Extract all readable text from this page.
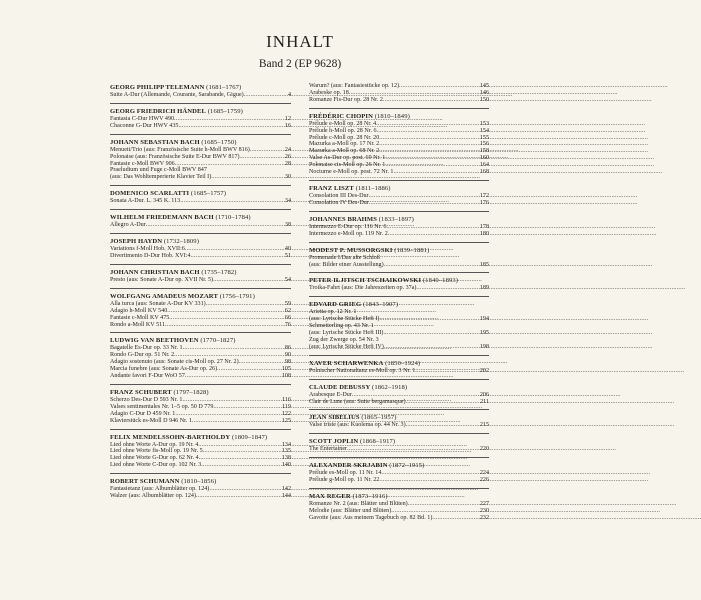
INHALT
Band 2 (EP 9628)
GEORG PHILIPP TELEMANN (1681–1767)
Suite A-Dur (Allemande, Courante, Sarabande, Gigue) .....	4
GEORG FRIEDRICH HÄNDEL (1685–1759)
Fantasia C-Dur HWV 490 .....	12
Chaconne G-Dur HWV 435 .....	16
JOHANN SEBASTIAN BACH (1685–1750)
Menuett/Trio (aus: Französische Suite h-Moll BWV 816) .....	24
Polonaise (aus: Französische Suite E-Dur BWV 817) .....	26
Fantasie c-Moll BWV 906 .....	28
Praeludium und Fuge c-Moll BWV 847
(aus: Das Wohltemperierte Klavier Teil I) .....	30
DOMENICO SCARLATTI (1685–1757)
Sonata A-Dur. L. 345 K. 113 .....	34
WILHELM FRIEDEMANN BACH (1710–1784)
Allegro A-Dur .....	38
JOSEPH HAYDN (1732–1809)
Variations f-Moll Hob. XVII:6 .....	40
Divertimento D-Dur Hob. XVI:4 .....	51
JOHANN CHRISTIAN BACH (1735–1782)
Presto (aus: Sonate A-Dur op. XVII Nr. 5) .....	54
WOLFGANG AMADEUS MOZART (1756–1791)
Alla turca (aus: Sonate A-Dur KV 331) .....	59
Adagio h-Moll KV 540 .....	62
Fantasie c-Moll KV 475 .....	66
Rondo a-Moll KV 511 .....	76
LUDWIG VAN BEETHOVEN (1770–1827)
Bagatelle Es-Dur op. 33 Nr. 1 .....	86
Rondo G-Dur op. 51 Nr. 2 .....	90
Adagio sostenuto (aus: Sonate cis-Moll op. 27 Nr. 2) .....	98
Marcia funebre (aus: Sonate As-Dur op. 26) .....	105
Andante favori F-Dur WoO 57 .....	108
FRANZ SCHUBERT (1797–1828)
Scherzo Des-Dur D 593 Nr. 1 .....	116
Valses sentimentales Nr. 1–5 op. 50 D 779 .....	119
Adagio C-Dur D 459 Nr. 1 .....	122
Klavierstück es-Moll D 946 Nr. 1 .....	125
FELIX MENDELSSOHN-BARTHOLDY (1809–1847)
Lied ohne Worte A-Dur op. 19 Nr. 4 .....	134
Lied ohne Worte fis-Moll op. 19 Nr. 5 .....	135
Lied ohne Worte G-Dur op. 62 Nr. 4 .....	138
Lied ohne Worte C-Dur op. 102 Nr. 3 .....	140
ROBERT SCHUMANN (1810–1856)
Fantasietanz (aus: Albumblätter op. 124) .....	142
Walzer (aus: Albumblätter op. 124) .....	144
Warum? (aus: Fantasiestücke op. 12) .....	145
Arabeske op. 18 .....	146
Romanze Fis-Dur op. 28 Nr. 2 .....	150
FRÉDÉRIC CHOPIN (1810–1849)
Prélude e-Moll op. 28 Nr. 4 .....	153
Prélude h-Moll op. 28 Nr. 6 .....	154
Prélude c-Moll op. 28 Nr. 20 .....	155
Mazurka a-Moll op. 17 Nr. 2 .....	156
Mazurka a-Moll op. 68 Nr. 2 .....	158
Valse As-Dur op. post. 69 Nr. 1 .....	160
Polonaise cis-Moll op. 26 Nr. 1 .....	164
Nocturne e-Moll op. post. 72 Nr. 1 .....	168
FRANZ LISZT (1811–1886)
Consolation III Des-Dur .....	172
Consolation IV Des-Dur .....	176
JOHANNES BRAHMS (1833–1897)
Intermezzo E-Dur op. 116 Nr. 6 .....	178
Intermezzo e-Moll op. 119 Nr. 2 .....	180
MODEST P. MUSSORGSKI (1839–1881)
Promenade I/Das alte Schloß
(aus: Bilder einer Ausstellung) .....	185
PETER ILJITSCH TSCHAIKOWSKI (1840–1893)
Troika-Fahrt (aus: Die Jahreszeiten op. 37a) .....	189
EDVARD GRIEG (1843–1907)
Arietta op. 12 Nr. 1
(aus: Lyrische Stücke Heft I) .....	194
Schmetterling op. 43 Nr. 1
(aus: Lyrische Stücke Heft III) .....	195
Zug der Zwerge op. 54 Nr. 3
(aus: Lyrische Stücke Heft IV) .....	198
XAVER SCHARWENKA (1850–1924)
Polnischer Nationaltanz es-Moll op. 3 Nr. 1 .....	202
CLAUDE DEBUSSY (1862–1918)
Arabesque E-Dur .....	206
Clair de Lune (aus: Suite bergamasque) .....	211
JEAN SIBELIUS (1865–1957)
Valse triste (aus: Kuolema op. 44 Nr. 3) .....	215
SCOTT JOPLIN (1868–1917)
The Entertainer .....	220
ALEXANDER SKRJABIN (1872–1915)
Prélude es-Moll op. 11 Nr. 14 .....	224
Prélude g-Moll op. 11 Nr. 22 .....	226
MAX REGER (1873–1916)
Romanze Nr. 2 (aus: Blätter und Blüten) .....	227
Melodie (aus: Blätter und Blüten) .....	230
Gavotte (aus: Aus meinem Tagebuch op. 82 Bd. 1) .....	232
